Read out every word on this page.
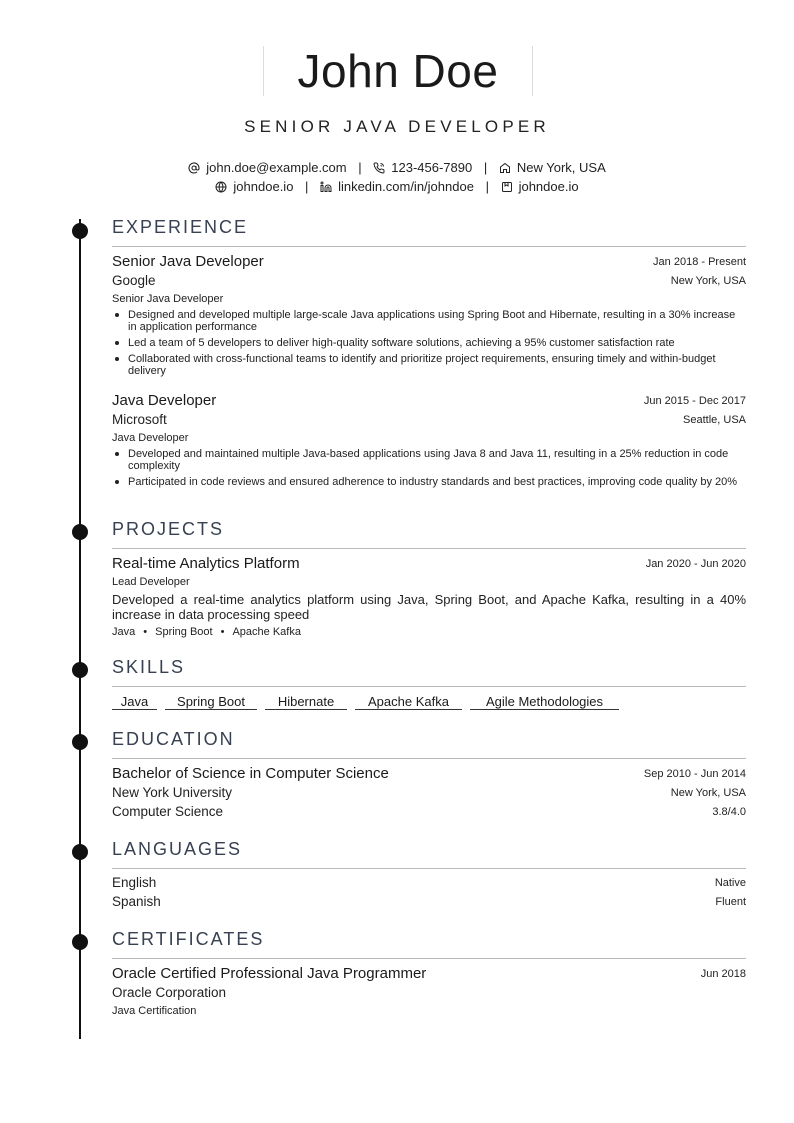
John Doe
SENIOR JAVA DEVELOPER
john.doe@example.com | 123-456-7890 | New York, USA
johndoe.io | linkedin.com/in/johndoe | johndoe.io
EXPERIENCE
Senior Java Developer	Jan 2018 - Present
Google	New York, USA
Senior Java Developer
Designed and developed multiple large-scale Java applications using Spring Boot and Hibernate, resulting in a 30% increase in application performance
Led a team of 5 developers to deliver high-quality software solutions, achieving a 95% customer satisfaction rate
Collaborated with cross-functional teams to identify and prioritize project requirements, ensuring timely and within-budget delivery
Java Developer	Jun 2015 - Dec 2017
Microsoft	Seattle, USA
Java Developer
Developed and maintained multiple Java-based applications using Java 8 and Java 11, resulting in a 25% reduction in code complexity
Participated in code reviews and ensured adherence to industry standards and best practices, improving code quality by 20%
PROJECTS
Real-time Analytics Platform	Jan 2020 - Jun 2020
Lead Developer
Developed a real-time analytics platform using Java, Spring Boot, and Apache Kafka, resulting in a 40% increase in data processing speed
Java • Spring Boot • Apache Kafka
SKILLS
Java	Spring Boot	Hibernate	Apache Kafka	Agile Methodologies
EDUCATION
Bachelor of Science in Computer Science	Sep 2010 - Jun 2014
New York University	New York, USA
Computer Science	3.8/4.0
LANGUAGES
English	Native
Spanish	Fluent
CERTIFICATES
Oracle Certified Professional Java Programmer	Jun 2018
Oracle Corporation
Java Certification
